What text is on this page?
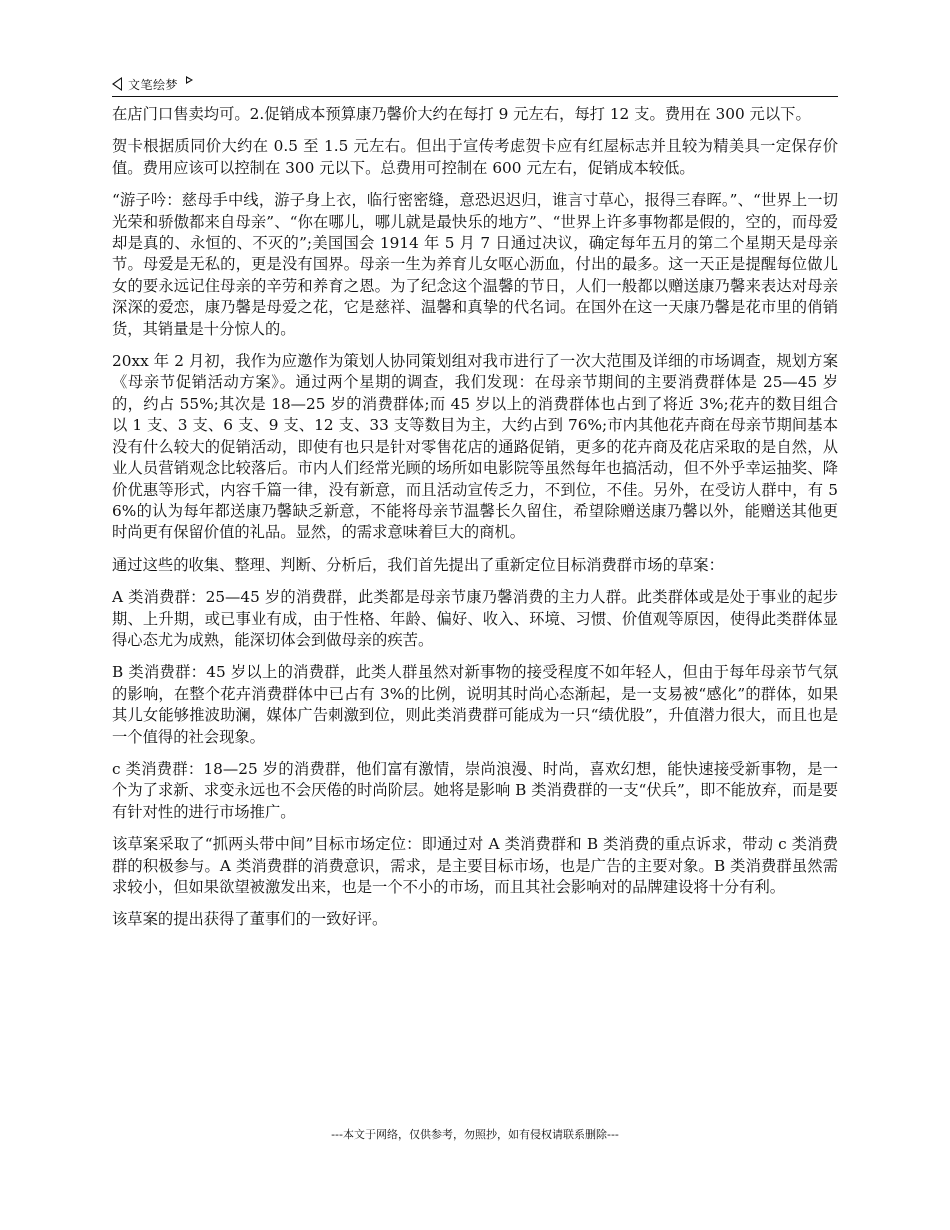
文笔绘梦

在店门口售卖均可。2.促销成本预算康乃馨价大约在每打 9 元左右，每打 12 支。费用在 300 元以下。

贺卡根据质同价大约在 0.5 至 1.5 元左右。但出于宣传考虑贺卡应有红屋标志并且较为精美具一定保存价值。费用应该可以控制在 300 元以下。总费用可控制在 600 元左右，促销成本较低。

“游子吟：慈母手中线，游子身上衣，临行密密缝，意恐迟迟归，谁言寸草心，报得三春晖。”、“世界上一切光荣和骄傲都来自母亲”、“你在哪儿，哪儿就是最快乐的地方”、“世界上许多事物都是假的，空的，而母爱却是真的、永恒的、不灭的”;美国国会 1914 年 5 月 7 日通过决议，确定每年五月的第二个星期天是母亲节。母爱是无私的，更是没有国界。母亲一生为养育儿女呕心沥血，付出的最多。这一天正是提醒每位做儿女的要永远记住母亲的辛劳和养育之恩。为了纪念这个温馨的节日，人们一般都以赠送康乃馨来表达对母亲深深的爱恋，康乃馨是母爱之花，它是慈祥、温馨和真挚的代名词。在国外在这一天康乃馨是花市里的俏销货，其销量是十分惊人的。

20xx 年 2 月初，我作为应邀作为策划人协同策划组对我市进行了一次大范围及详细的市场调查，规划方案《母亲节促销活动方案》。通过两个星期的调查，我们发现：在母亲节期间的主要消费群体是 25—45 岁的，约占 55%;其次是 18—25 岁的消费群体;而 45 岁以上的消费群体也占到了将近 3%;花卉的数目组合以 1 支、3 支、6 支、9 支、12 支、33 支等数目为主，大约占到 76%;市内其他花卉商在母亲节期间基本没有什么较大的促销活动，即使有也只是针对零售花店的通路促销，更多的花卉商及花店采取的是自然，从业人员营销观念比较落后。市内人们经常光顾的场所如电影院等虽然每年也搞活动，但不外乎幸运抽奖、降价优惠等形式，内容千篇一律，没有新意，而且活动宣传乏力，不到位，不佳。另外，在受访人群中，有 56%的认为每年都送康乃馨缺乏新意，不能将母亲节温馨长久留住，希望除赠送康乃馨以外，能赠送其他更时尚更有保留价值的礼品。显然，的需求意味着巨大的商机。

通过这些的收集、整理、判断、分析后，我们首先提出了重新定位目标消费群市场的草案：

A 类消费群：25—45 岁的消费群，此类都是母亲节康乃馨消费的主力人群。此类群体或是处于事业的起步期、上升期，或已事业有成，由于性格、年龄、偏好、收入、环境、习惯、价值观等原因，使得此类群体显得心态尤为成熟，能深切体会到做母亲的疾苦。

B 类消费群：45 岁以上的消费群，此类人群虽然对新事物的接受程度不如年轻人，但由于每年母亲节气氛的影响，在整个花卉消费群体中已占有 3%的比例，说明其时尚心态渐起，是一支易被“感化”的群体，如果其儿女能够推波助澜，媒体广告刺激到位，则此类消费群可能成为一只“绩优股”，升值潜力很大，而且也是一个值得的社会现象。

c 类消费群：18—25 岁的消费群，他们富有激情，崇尚浪漫、时尚，喜欢幻想，能快速接受新事物，是一个为了求新、求变永远也不会厌倦的时尚阶层。她将是影响 B 类消费群的一支“伏兵”，即不能放弃，而是要有针对性的进行市场推广。

该草案采取了“抓两头带中间”目标市场定位：即通过对 A 类消费群和 B 类消费的重点诉求，带动 c 类消费群的积极参与。A 类消费群的消费意识，需求，是主要目标市场，也是广告的主要对象。B 类消费群虽然需求较小，但如果欲望被激发出来，也是一个不小的市场，而且其社会影响对的品牌建设将十分有利。

该草案的提出获得了董事们的一致好评。

---本文于网络，仅供参考，勿照抄，如有侵权请联系删除---
